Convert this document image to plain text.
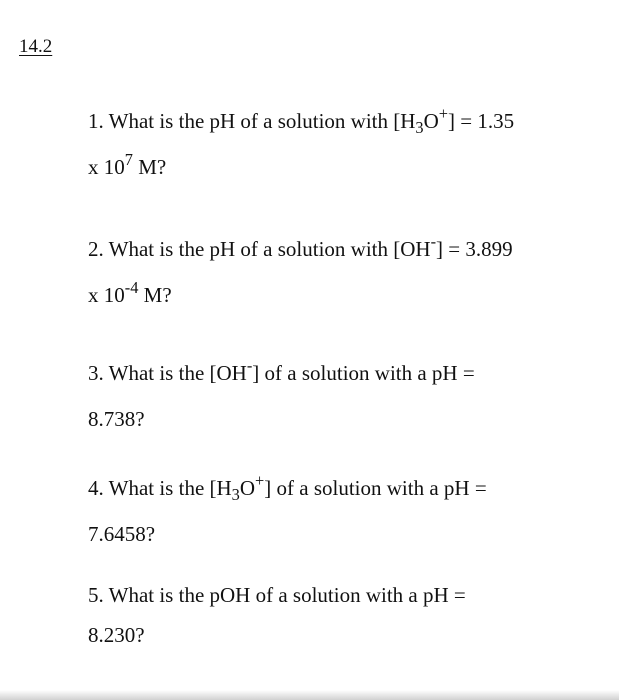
14.2
1. What is the pH of a solution with $[H_3O^+] = 1.35$
x $10^7$ M?
2. What is the pH of a solution with [OH-] = 3.899
x $10^{-4}$ M?
3. What is the [OH-] of a solution with a pH =
8.738?
4. What is the $[H_3O^+]$ of a solution with a pH =
7.6458?
5. What is the pOH of a solution with a pH =
8.230?
